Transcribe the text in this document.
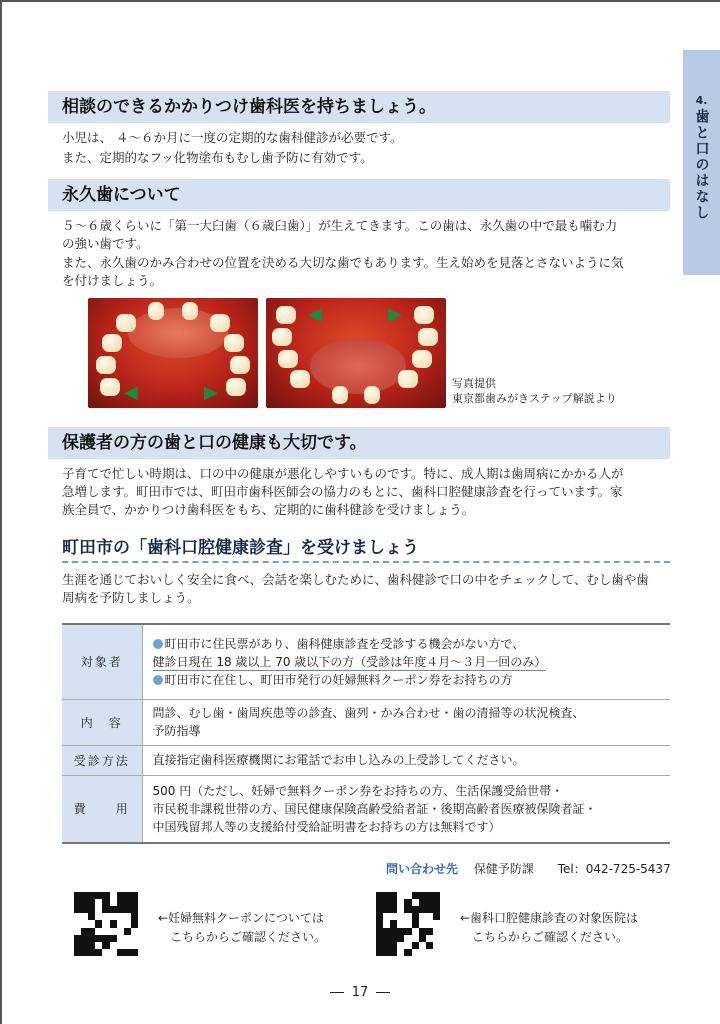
4.
歯と口のはなし
相談のできるかかりつけ歯科医を持ちましょう。
小児は、 ４～６か月に一度の定期的な歯科健診が必要です。
また、定期的なフッ化物塗布もむし歯予防に有効です。
永久歯について
５～６歳くらいに「第一大臼歯（６歳臼歯）」が生えてきます。この歯は、永久歯の中で最も噛む力
の強い歯です。
また、永久歯のかみ合わせの位置を決める大切な歯でもあります。生え始めを見落とさないように気
を付けましょう。
◀	▶
◀	▶
写真提供
東京都歯みがきステップ解説より
保護者の方の歯と口の健康も大切です。
子育てで忙しい時期は、口の中の健康が悪化しやすいものです。特に、成人期は歯周病にかかる人が
急増します。町田市では、町田市歯科医師会の協力のもとに、歯科口腔健康診査を行っています。家
族全員で、かかりつけ歯科医をもち、定期的に歯科健診を受けましょう。
町田市の「歯科口腔健康診査」を受けましょう
生涯を通じておいしく安全に食べ、会話を楽しむために、歯科健診で口の中をチェックして、むし歯や歯
周病を予防しましょう。
対象者	町田市に住民票があり、歯科健康診査を受診する機会がない方で、
健診日現在 18 歳以上 70 歳以下の方（受診は年度４月～３月一回のみ）
町田市に在住し、町田市発行の妊婦無料クーポン券をお持ちの方

内　容	問診、むし歯・歯周疾患等の診査、歯列・かみ合わせ・歯の清掃等の状況検査、
予防指導

受診方法	直接指定歯科医療機関にお電話でお申し込みの上受診してください。
費　　用	500 円（ただし、妊婦で無料クーポン券をお持ちの方、生活保護受給世帯・
市民税非課税世帯の方、国民健康保険高齢受給者証・後期高齢者医療被保険者証・
中国残留邦人等の支援給付受給証明書をお持ちの方は無料です）
問い合わせ先 保健予防課 Tel：042-725-5437
←妊婦無料クーポンについては
こちらからご確認ください。
←歯科口腔健康診査の対象医院は
こちらからご確認ください。
17
